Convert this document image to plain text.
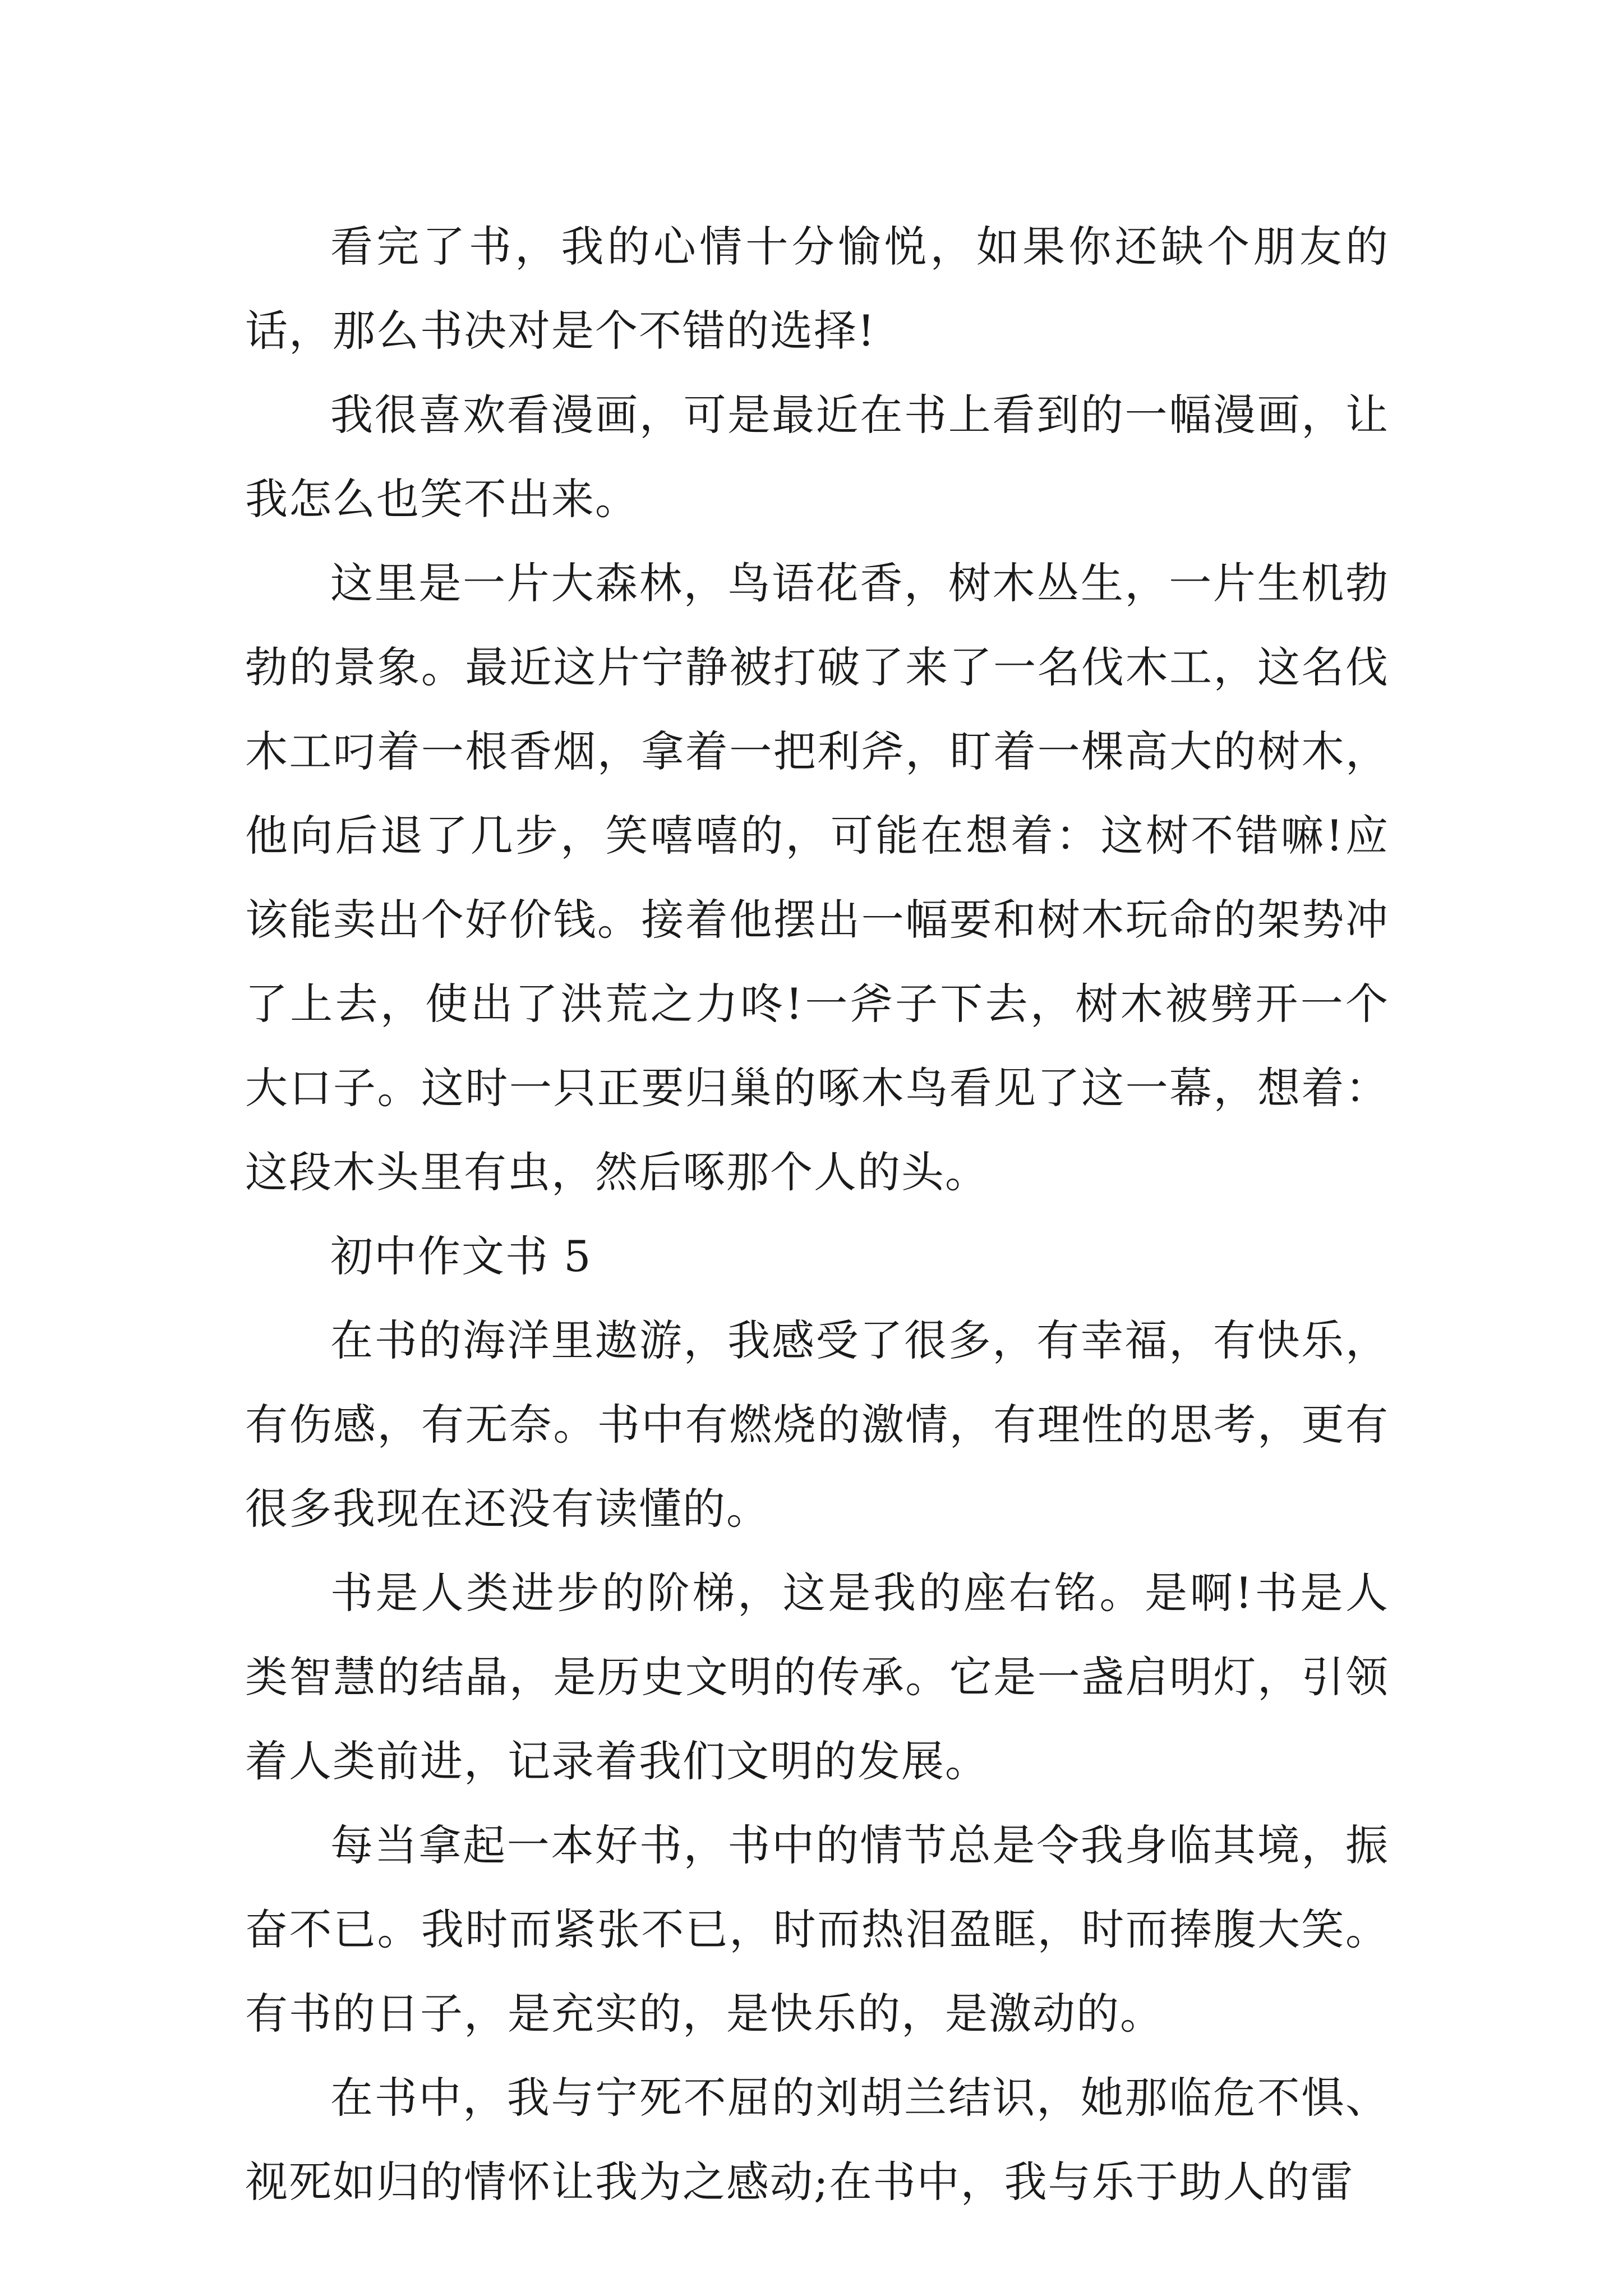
看完了书，我的心情十分愉悦，如果你还缺个朋友的话，那么书决对是个不错的选择!

我很喜欢看漫画，可是最近在书上看到的一幅漫画，让我怎么也笑不出来。

这里是一片大森林，鸟语花香，树木丛生，一片生机勃勃的景象。最近这片宁静被打破了来了一名伐木工，这名伐木工叼着一根香烟，拿着一把利斧，盯着一棵高大的树木，他向后退了几步，笑嘻嘻的，可能在想着：这树不错嘛!应该能卖出个好价钱。接着他摆出一幅要和树木玩命的架势冲了上去，使出了洪荒之力咚!一斧子下去，树木被劈开一个大口子。这时一只正要归巢的啄木鸟看见了这一幕，想着：这段木头里有虫，然后啄那个人的头。

初中作文书 5

在书的海洋里遨游，我感受了很多，有幸福，有快乐，有伤感，有无奈。书中有燃烧的激情，有理性的思考，更有很多我现在还没有读懂的。

书是人类进步的阶梯，这是我的座右铭。是啊!书是人类智慧的结晶，是历史文明的传承。它是一盏启明灯，引领着人类前进，记录着我们文明的发展。

每当拿起一本好书，书中的情节总是令我身临其境，振奋不已。我时而紧张不已，时而热泪盈眶，时而捧腹大笑。有书的日子，是充实的，是快乐的，是激动的。

在书中，我与宁死不屈的刘胡兰结识，她那临危不惧、视死如归的情怀让我为之感动;在书中，我与乐于助人的雷
